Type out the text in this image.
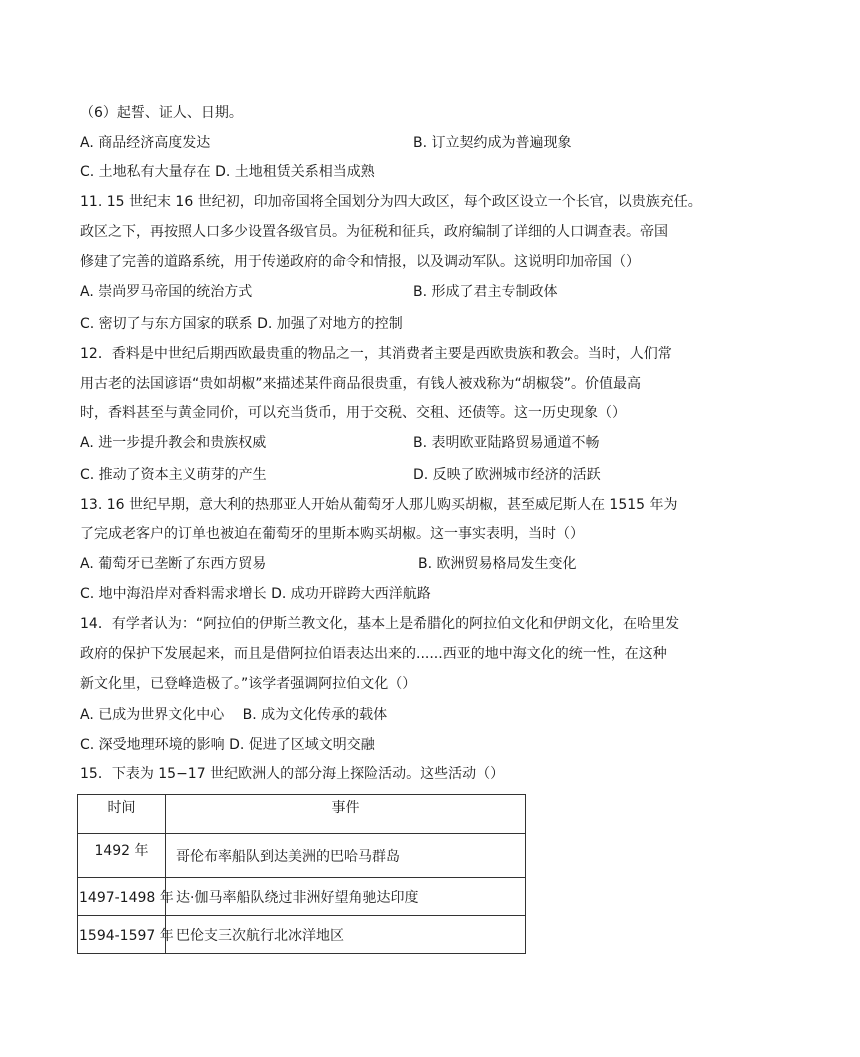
（6）起誓、证人、日期。
A. 商品经济高度发达	B. 订立契约成为普遍现象
C. 土地私有大量存在 D. 土地租赁关系相当成熟
11. 15 世纪末 16 世纪初，印加帝国将全国划分为四大政区，每个政区设立一个长官，以贵族充任。
政区之下，再按照人口多少设置各级官员。为征税和征兵，政府编制了详细的人口调查表。帝国
修建了完善的道路系统，用于传递政府的命令和情报，以及调动军队。这说明印加帝国（）
A. 崇尚罗马帝国的统治方式	B. 形成了君主专制政体
C. 密切了与东方国家的联系 D. 加强了对地方的控制
12．香料是中世纪后期西欧最贵重的物品之一，其消费者主要是西欧贵族和教会。当时，人们常
用古老的法国谚语“贵如胡椒”来描述某件商品很贵重，有钱人被戏称为“胡椒袋”。价值最高
时，香料甚至与黄金同价，可以充当货币，用于交税、交租、还债等。这一历史现象（）
A. 进一步提升教会和贵族权威	B. 表明欧亚陆路贸易通道不畅
C. 推动了资本主义萌芽的产生	D. 反映了欧洲城市经济的活跃
13. 16 世纪早期，意大利的热那亚人开始从葡萄牙人那儿购买胡椒，甚至威尼斯人在 1515 年为
了完成老客户的订单也被迫在葡萄牙的里斯本购买胡椒。这一事实表明，当时（）
A. 葡萄牙已垄断了东西方贸易	B. 欧洲贸易格局发生变化
C. 地中海沿岸对香料需求增长 D. 成功开辟跨大西洋航路
14．有学者认为：“阿拉伯的伊斯兰教文化，基本上是希腊化的阿拉伯文化和伊朗文化，在哈里发
政府的保护下发展起来，而且是借阿拉伯语表达出来的......西亚的地中海文化的统一性，在这种
新文化里，已登峰造极了。”该学者强调阿拉伯文化（）
A. 已成为世界文化中心　 B. 成为文化传承的载体
C. 深受地理环境的影响 D. 促进了区域文明交融
15．下表为 15−17 世纪欧洲人的部分海上探险活动。这些活动（）
时间	事件
1492 年	哥伦布率船队到达美洲的巴哈马群岛
1497-1498 年	达·伽马率船队绕过非洲好望角驰达印度
1594-1597 年	巴伦支三次航行北冰洋地区
